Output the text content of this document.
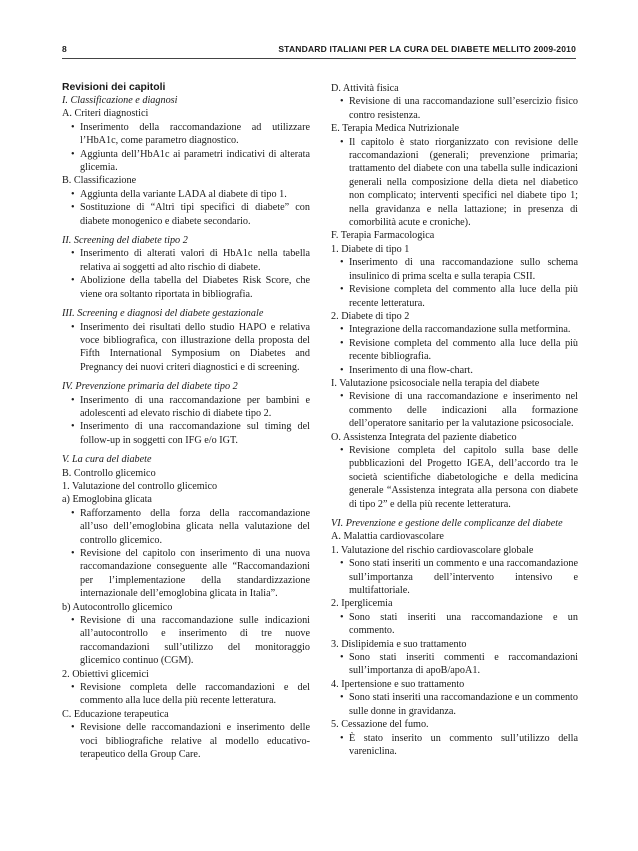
8	STANDARD ITALIANI PER LA CURA DEL DIABETE MELLITO 2009-2010
Revisioni dei capitoli
I. Classificazione e diagnosi
A. Criteri diagnostici
• Inserimento della raccomandazione ad utilizzare l’HbA1c, come parametro diagnostico.
• Aggiunta dell’HbA1c ai parametri indicativi di alterata glicemia.
B. Classificazione
• Aggiunta della variante LADA al diabete di tipo 1.
• Sostituzione di “Altri tipi specifici di diabete” con diabete monogenico e diabete secondario.
II. Screening del diabete tipo 2
• Inserimento di alterati valori di HbA1c nella tabella relativa ai soggetti ad alto rischio di diabete.
• Abolizione della tabella del Diabetes Risk Score, che viene ora soltanto riportata in bibliografia.
III. Screening e diagnosi del diabete gestazionale
• Inserimento dei risultati dello studio HAPO e relativa voce bibliografica, con illustrazione della proposta del Fifth International Symposium on Diabetes and Pregnancy dei nuovi criteri diagnostici e di screening.
IV. Prevenzione primaria del diabete tipo 2
• Inserimento di una raccomandazione per bambini e adolescenti ad elevato rischio di diabete tipo 2.
• Inserimento di una raccomandazione sul timing del follow-up in soggetti con IFG e/o IGT.
V. La cura del diabete
B. Controllo glicemico
1. Valutazione del controllo glicemico
a) Emoglobina glicata
• Rafforzamento della forza della raccomandazione all’uso dell’emoglobina glicata nella valutazione del controllo glicemico.
• Revisione del capitolo con inserimento di una nuova raccomandazione conseguente alle “Raccomandazioni per l’implementazione della standardizzazione internazionale dell’emoglobina glicata in Italia”.
b) Autocontrollo glicemico
• Revisione di una raccomandazione sulle indicazioni all’autocontrollo e inserimento di tre nuove raccomandazioni sull’utilizzo del monitoraggio glicemico continuo (CGM).
2. Obiettivi glicemici
• Revisione completa delle raccomandazioni e del commento alla luce della più recente letteratura.
C. Educazione terapeutica
• Revisione delle raccomandazioni e inserimento delle voci bibliografiche relative al modello educativo-terapeutico della Group Care.
D. Attività fisica
• Revisione di una raccomandazione sull’esercizio fisico contro resistenza.
E. Terapia Medica Nutrizionale
• Il capitolo è stato riorganizzato con revisione delle raccomandazioni (generali; prevenzione primaria; trattamento del diabete con una tabella sulle indicazioni generali nella composizione della dieta nel diabetico non complicato; interventi specifici nel diabete tipo 1; nella gravidanza e nella lattazione; in presenza di comorbilità acute e croniche).
F. Terapia Farmacologica
1. Diabete di tipo 1
• Inserimento di una raccomandazione sullo schema insulinico di prima scelta e sulla terapia CSII.
• Revisione completa del commento alla luce della più recente letteratura.
2. Diabete di tipo 2
• Integrazione della raccomandazione sulla metformina.
• Revisione completa del commento alla luce della più recente bibliografia.
• Inserimento di una flow-chart.
I. Valutazione psicosociale nella terapia del diabete
• Revisione di una raccomandazione e inserimento nel commento delle indicazioni alla formazione dell’operatore sanitario per la valutazione psicosociale.
O. Assistenza Integrata del paziente diabetico
• Revisione completa del capitolo sulla base delle pubblicazioni del Progetto IGEA, dell’accordo tra le società scientifiche diabetologiche e della medicina generale “Assistenza integrata alla persona con diabete di tipo 2” e della più recente letteratura.
VI. Prevenzione e gestione delle complicanze del diabete
A. Malattia cardiovascolare
1. Valutazione del rischio cardiovascolare globale
• Sono stati inseriti un commento e una raccomandazione sull’importanza dell’intervento intensivo e multifattoriale.
2. Iperglicemia
• Sono stati inseriti una raccomandazione e un commento.
3. Dislipidemia e suo trattamento
• Sono stati inseriti commenti e raccomandazioni sull’importanza di apoB/apoA1.
4. Ipertensione e suo trattamento
• Sono stati inseriti una raccomandazione e un commento sulle donne in gravidanza.
5. Cessazione del fumo.
• È stato inserito un commento sull’utilizzo della vareniclina.
